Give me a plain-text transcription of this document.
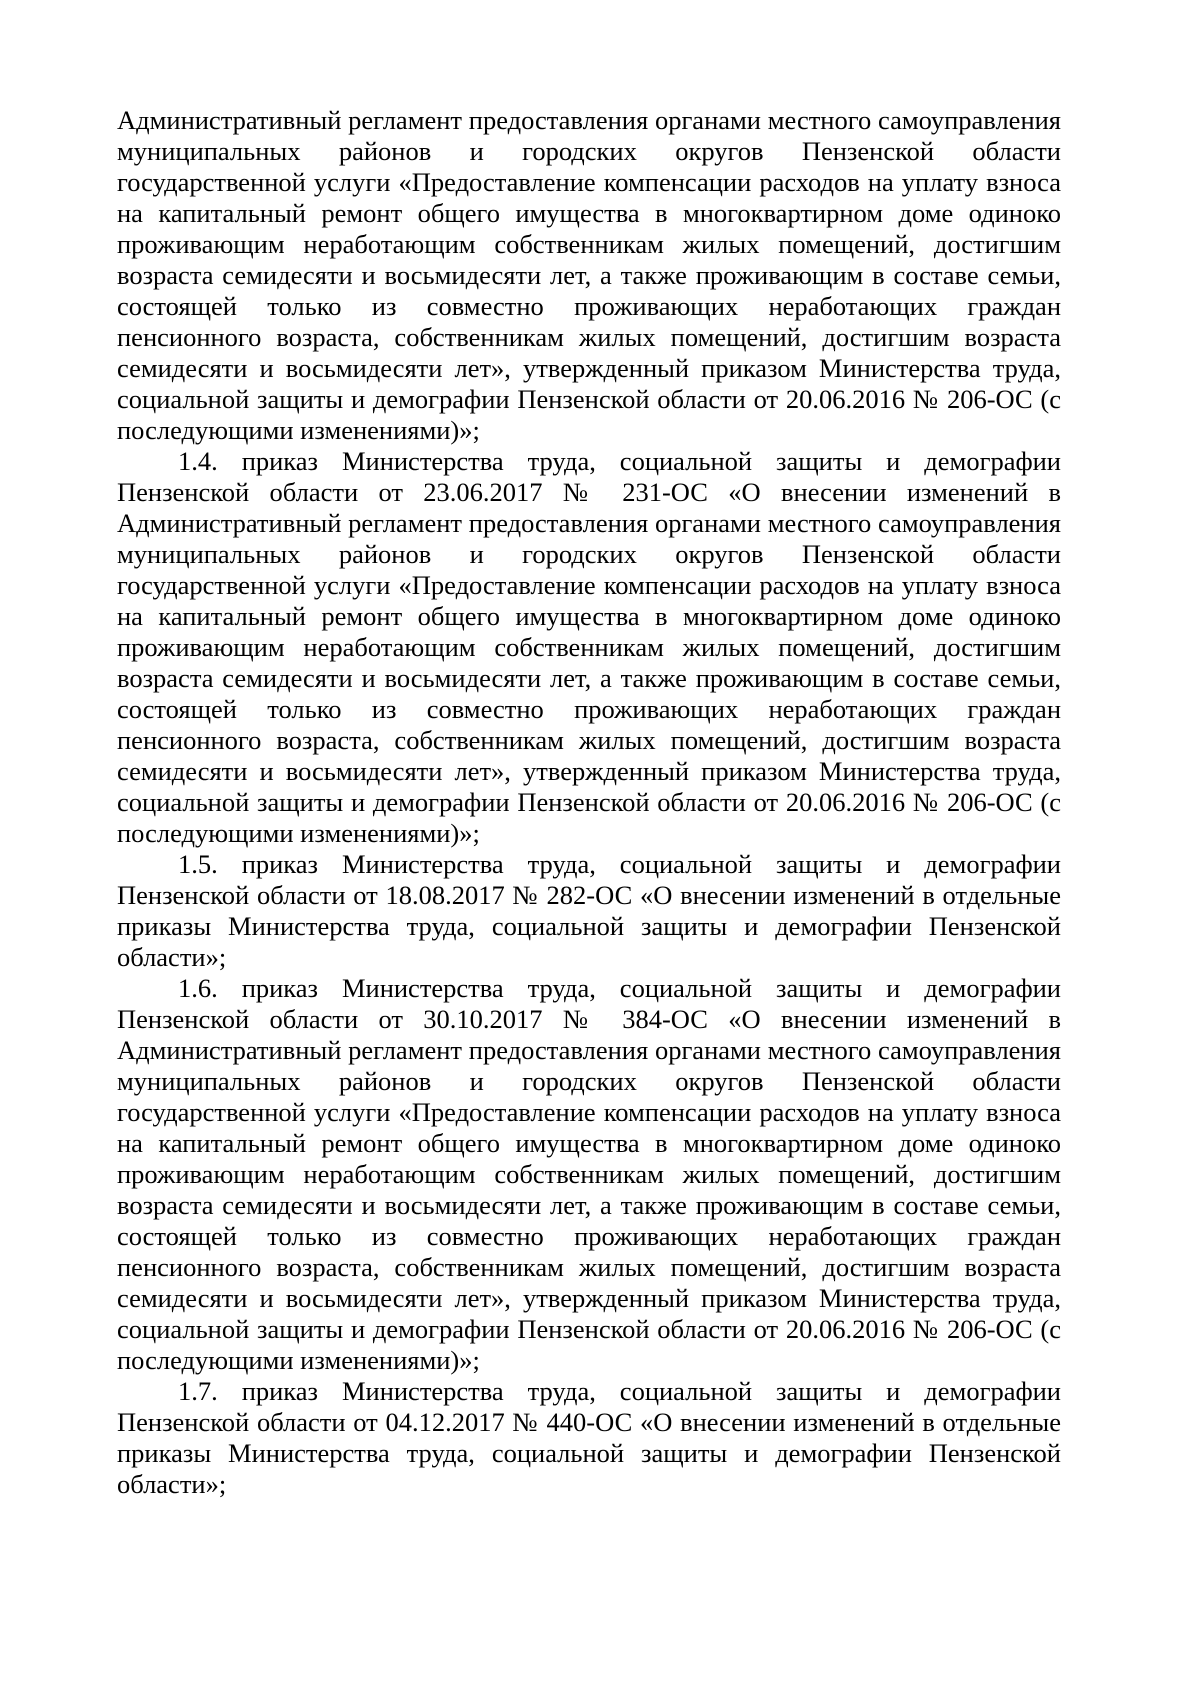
Административный регламент предоставления органами местного самоуправления муниципальных районов и городских округов Пензенской области государственной услуги «Предоставление компенсации расходов на уплату взноса на капитальный ремонт общего имущества в многоквартирном доме одиноко проживающим неработающим собственникам жилых помещений, достигшим возраста семидесяти и восьмидесяти лет, а также проживающим в составе семьи, состоящей только из совместно проживающих неработающих граждан пенсионного возраста, собственникам жилых помещений, достигшим возраста семидесяти и восьмидесяти лет», утвержденный приказом Министерства труда, социальной защиты и демографии Пензенской области от 20.06.2016 № 206-ОС (с последующими изменениями)»;

1.4. приказ Министерства труда, социальной защиты и демографии Пензенской области от 23.06.2017 № 231-ОС «О внесении изменений в Административный регламент предоставления органами местного самоуправления муниципальных районов и городских округов Пензенской области государственной услуги «Предоставление компенсации расходов на уплату взноса на капитальный ремонт общего имущества в многоквартирном доме одиноко проживающим неработающим собственникам жилых помещений, достигшим возраста семидесяти и восьмидесяти лет, а также проживающим в составе семьи, состоящей только из совместно проживающих неработающих граждан пенсионного возраста, собственникам жилых помещений, достигшим возраста семидесяти и восьмидесяти лет», утвержденный приказом Министерства труда, социальной защиты и демографии Пензенской области от 20.06.2016 № 206-ОС (с последующими изменениями)»;

1.5. приказ Министерства труда, социальной защиты и демографии Пензенской области от 18.08.2017 № 282-ОС «О внесении изменений в отдельные приказы Министерства труда, социальной защиты и демографии Пензенской области»;

1.6. приказ Министерства труда, социальной защиты и демографии Пензенской области от 30.10.2017 № 384-ОС «О внесении изменений в Административный регламент предоставления органами местного самоуправления муниципальных районов и городских округов Пензенской области государственной услуги «Предоставление компенсации расходов на уплату взноса на капитальный ремонт общего имущества в многоквартирном доме одиноко проживающим неработающим собственникам жилых помещений, достигшим возраста семидесяти и восьмидесяти лет, а также проживающим в составе семьи, состоящей только из совместно проживающих неработающих граждан пенсионного возраста, собственникам жилых помещений, достигшим возраста семидесяти и восьмидесяти лет», утвержденный приказом Министерства труда, социальной защиты и демографии Пензенской области от 20.06.2016 № 206-ОС (с последующими изменениями)»;

1.7. приказ Министерства труда, социальной защиты и демографии Пензенской области от 04.12.2017 № 440-ОС «О внесении изменений в отдельные приказы Министерства труда, социальной защиты и демографии Пензенской области»;
